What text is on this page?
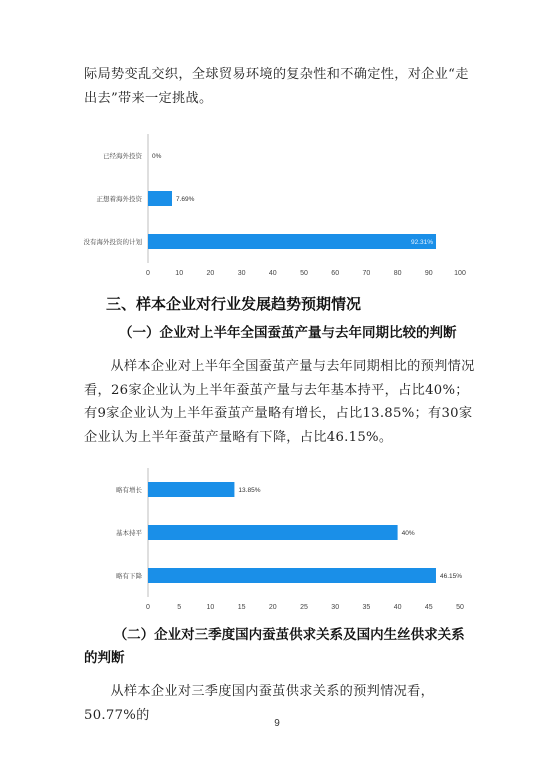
际局势变乱交织，全球贸易环境的复杂性和不确定性，对企业“走出去”带来一定挑战。
0	10	20	30	40	50	60	70	80	90	100
已经海外投资 0%
正想着海外投资	7.69%
没有海外投资的计划	92.31%
三、样本企业对行业发展趋势预期情况
（一）企业对上半年全国蚕茧产量与去年同期比较的判断
从样本企业对上半年全国蚕茧产量与去年同期相比的预判情况看，26家企业认为上半年蚕茧产量与去年基本持平，占比40%；有9家企业认为上半年蚕茧产量略有增长，占比13.85%；有30家企业认为上半年蚕茧产量略有下降，占比46.15%。
0	5	10	15	20	25	30	35	40	45	50
略有增长	13.85%
基本持平	40%
略有下降	46.15%
（二）企业对三季度国内蚕茧供求关系及国内生丝供求关系的判断
从样本企业对三季度国内蚕茧供求关系的预判情况看，50.77%的
9
